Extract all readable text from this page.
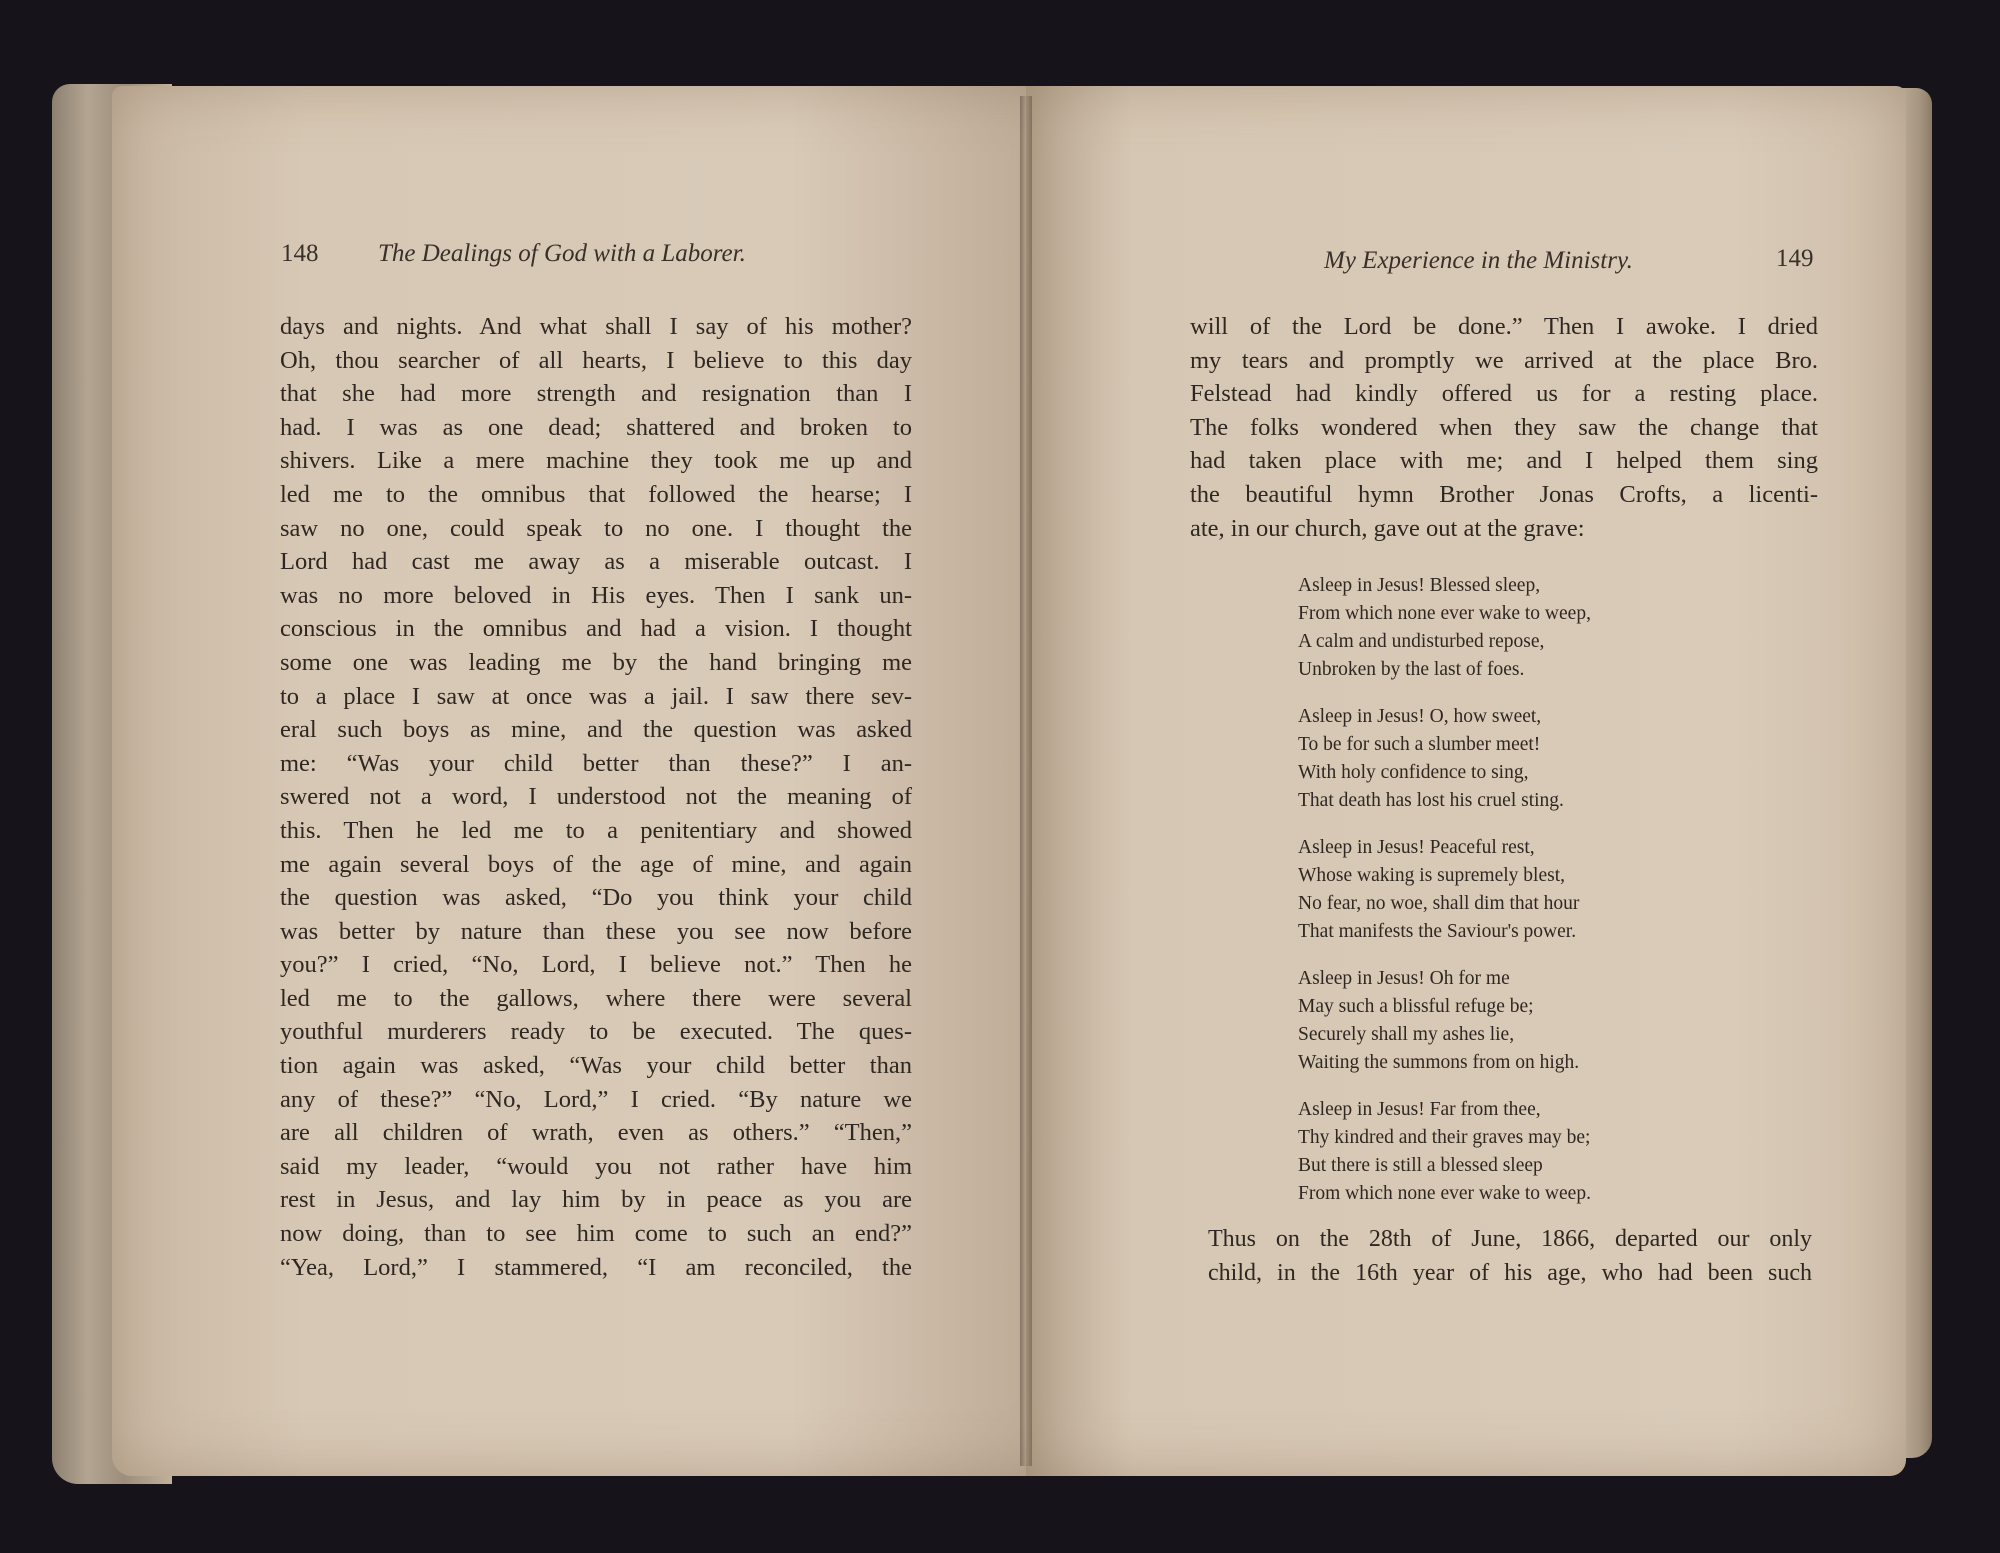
148 The Dealings of God with a Laborer.

days and nights. And what shall I say of his mother?
Oh, thou searcher of all hearts, I believe to this day
that she had more strength and resignation than I
had. I was as one dead; shattered and broken to
shivers. Like a mere machine they took me up and
led me to the omnibus that followed the hearse; I
saw no one, could speak to no one. I thought the
Lord had cast me away as a miserable outcast. I
was no more beloved in His eyes. Then I sank un-
conscious in the omnibus and had a vision. I thought
some one was leading me by the hand bringing me
to a place I saw at once was a jail. I saw there sev-
eral such boys as mine, and the question was asked
me: “Was your child better than these?” I an-
swered not a word, I understood not the meaning of
this. Then he led me to a penitentiary and showed
me again several boys of the age of mine, and again
the question was asked, “Do you think your child
was better by nature than these you see now before
you?” I cried, “No, Lord, I believe not.” Then he
led me to the gallows, where there were several
youthful murderers ready to be executed. The ques-
tion again was asked, “Was your child better than
any of these?” “No, Lord,” I cried. “By nature we
are all children of wrath, even as others.” “Then,”
said my leader, “would you not rather have him
rest in Jesus, and lay him by in peace as you are
now doing, than to see him come to such an end?”
“Yea, Lord,” I stammered, “I am reconciled, the

My Experience in the Ministry.	149

will of the Lord be done.” Then I awoke. I dried
my tears and promptly we arrived at the place Bro.
Felstead had kindly offered us for a resting place.
The folks wondered when they saw the change that
had taken place with me; and I helped them sing
the beautiful hymn Brother Jonas Crofts, a licenti-
ate, in our church, gave out at the grave:

Asleep in Jesus! Blessed sleep,
From which none ever wake to weep,
A calm and undisturbed repose,
Unbroken by the last of foes.
Asleep in Jesus! O, how sweet,
To be for such a slumber meet!
With holy confidence to sing,
That death has lost his cruel sting.
Asleep in Jesus! Peaceful rest,
Whose waking is supremely blest,
No fear, no woe, shall dim that hour
That manifests the Saviour's power.
Asleep in Jesus! Oh for me
May such a blissful refuge be;
Securely shall my ashes lie,
Waiting the summons from on high.
Asleep in Jesus! Far from thee,
Thy kindred and their graves may be;
But there is still a blessed sleep
From which none ever wake to weep.

Thus on the 28th of June, 1866, departed our only
child, in the 16th year of his age, who had been such
